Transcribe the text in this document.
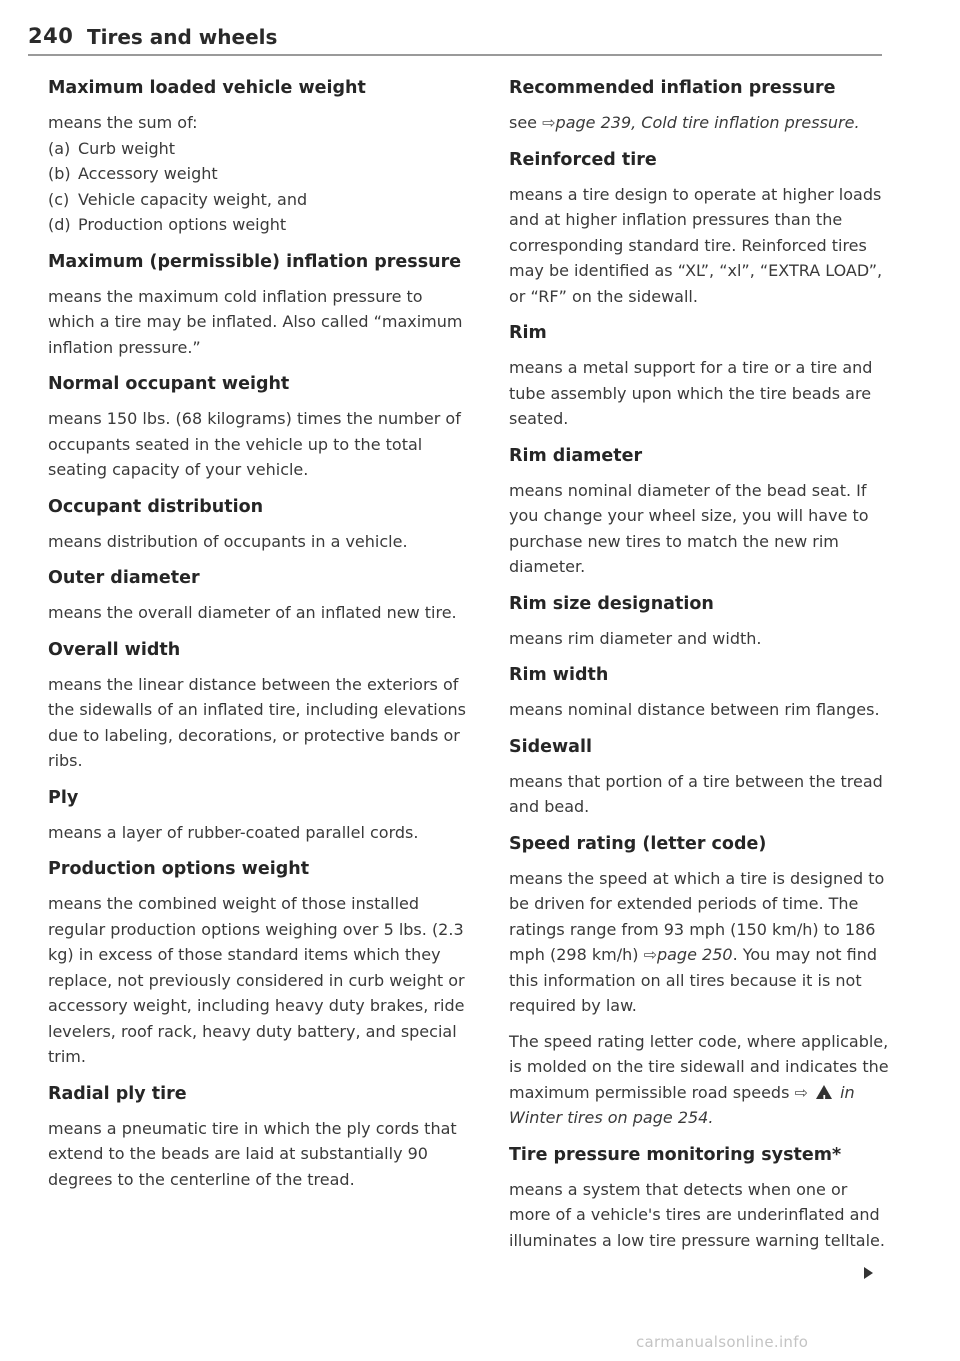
240 Tires and wheels
Maximum loaded vehicle weight

means the sum of:

(a) Curb weight
(b) Accessory weight
(c) Vehicle capacity weight, and
(d) Production options weight
Maximum (permissible) inflation pressure

means the maximum cold inflation pressure to which a tire may be inflated. Also called “maximum inflation pressure.”

Normal occupant weight

means 150 lbs. (68 kilograms) times the number of occupants seated in the vehicle up to the total seating capacity of your vehicle.

Occupant distribution

means distribution of occupants in a vehicle.

Outer diameter

means the overall diameter of an inflated new tire.

Overall width

means the linear distance between the exteriors of the sidewalls of an inflated tire, including elevations due to labeling, decorations, or protective bands or ribs.

Ply

means a layer of rubber-coated parallel cords.

Production options weight

means the combined weight of those installed regular production options weighing over 5 lbs. (2.3 kg) in excess of those standard items which they replace, not previously considered in curb weight or accessory weight, including heavy duty brakes, ride levelers, roof rack, heavy duty battery, and special trim.

Radial ply tire

means a pneumatic tire in which the ply cords that extend to the beads are laid at substantially 90 degrees to the centerline of the tread.

Recommended inflation pressure

see ⇨page 239, Cold tire inflation pressure.

Reinforced tire

means a tire design to operate at higher loads and at higher inflation pressures than the corresponding standard tire. Reinforced tires may be identified as “XL”, “xl”, “EXTRA LOAD”, or “RF” on the sidewall.

Rim

means a metal support for a tire or a tire and tube assembly upon which the tire beads are seated.

Rim diameter

means nominal diameter of the bead seat. If you change your wheel size, you will have to purchase new tires to match the new rim diameter.

Rim size designation

means rim diameter and width.

Rim width

means nominal distance between rim flanges.

Sidewall

means that portion of a tire between the tread and bead.

Speed rating (letter code)

means the speed at which a tire is designed to be driven for extended periods of time. The ratings range from 93 mph (150 km/h) to 186 mph (298 km/h) ⇨page 250. You may not find this information on all tires because it is not required by law.

The speed rating letter code, where applicable, is molded on the tire sidewall and indicates the maximum permissible road speeds ⇨ ! in Winter tires on page 254.

Tire pressure monitoring system*

means a system that detects when one or more of a vehicle's tires are underinflated and illuminates a low tire pressure warning telltale.

carmanualsonline.info
